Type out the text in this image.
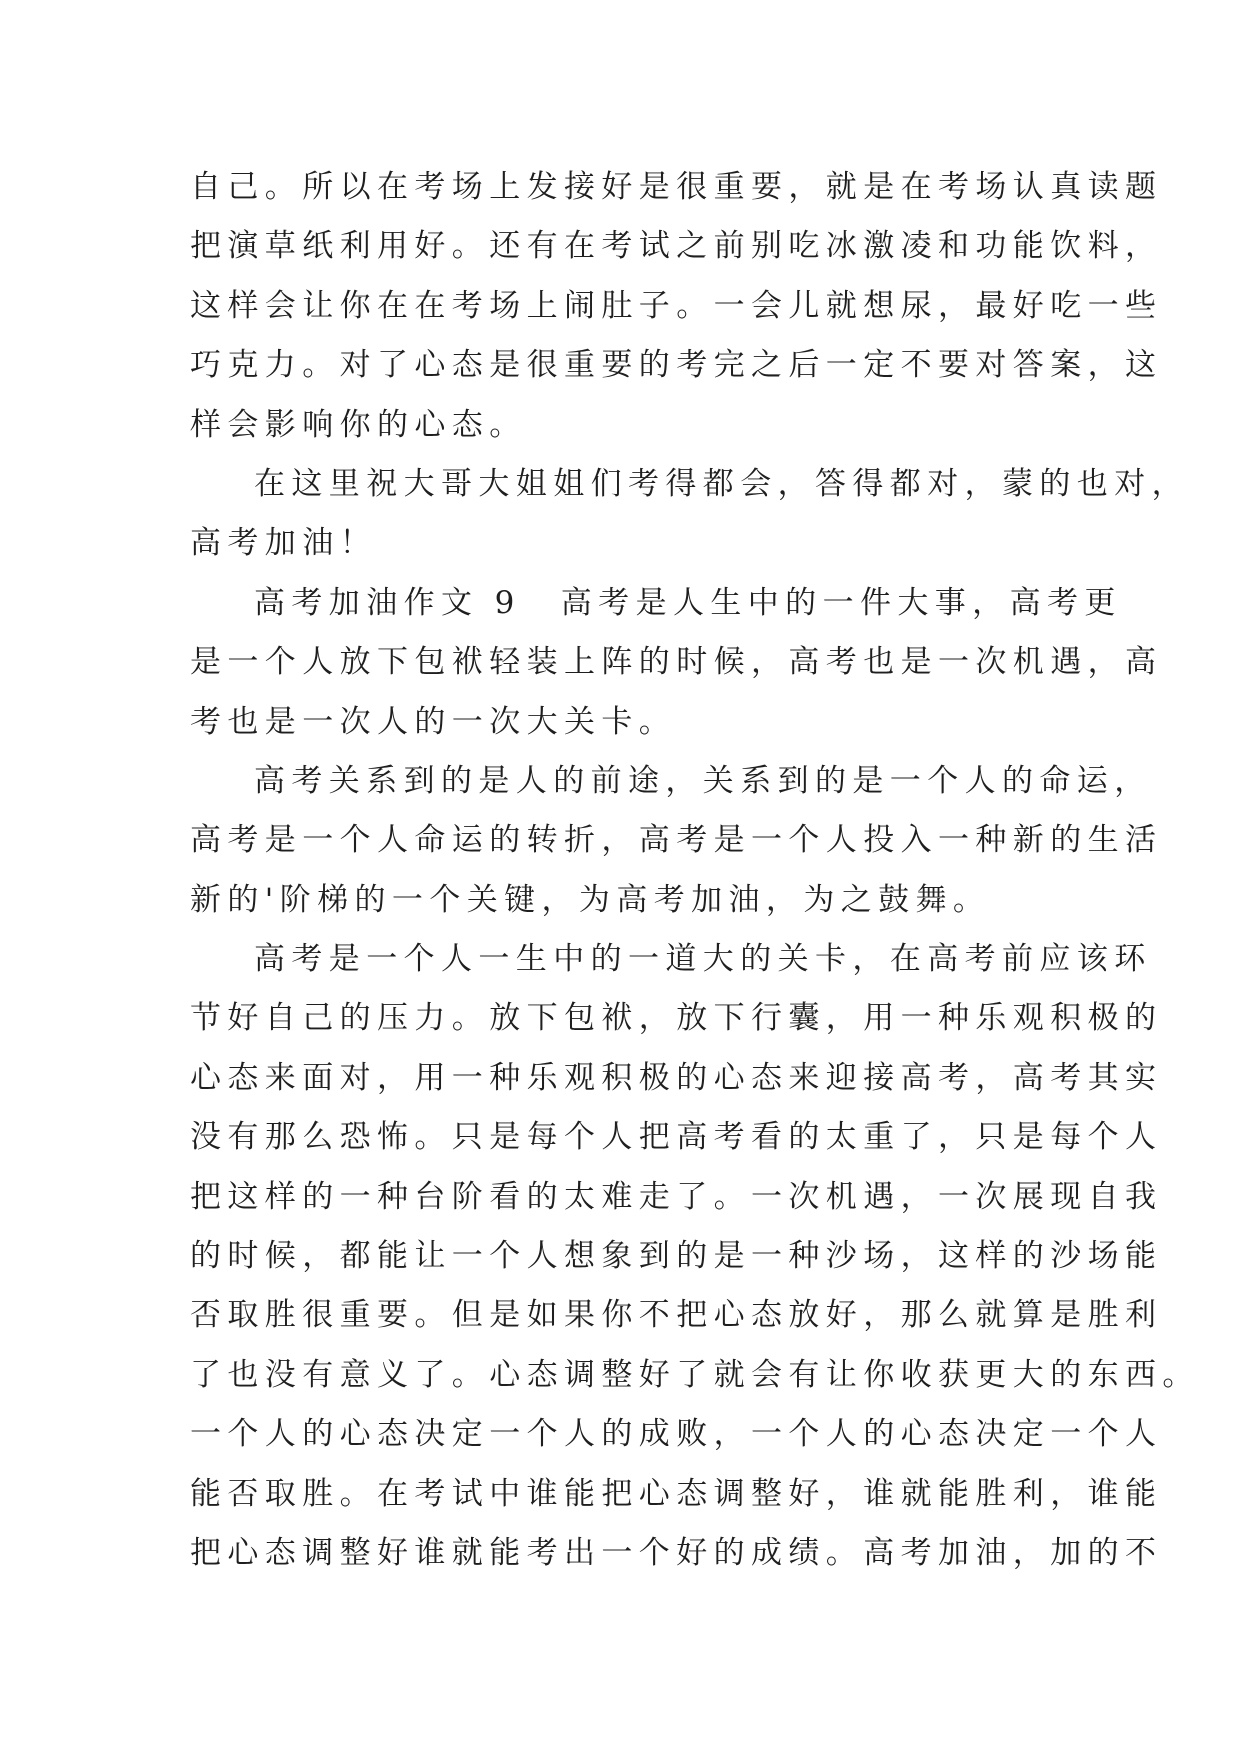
自己。所以在考场上发接好是很重要，就是在考场认真读题
把演草纸利用好。还有在考试之前别吃冰激凌和功能饮料，
这样会让你在在考场上闹肚子。一会儿就想尿，最好吃一些
巧克力。对了心态是很重要的考完之后一定不要对答案，这
样会影响你的心态。
在这里祝大哥大姐姐们考得都会，答得都对，蒙的也对，
高考加油！
高考加油作文 9 高考是人生中的一件大事，高考更
是一个人放下包袱轻装上阵的时候，高考也是一次机遇，高
考也是一次人的一次大关卡。
高考关系到的是人的前途，关系到的是一个人的命运，
高考是一个人命运的转折，高考是一个人投入一种新的生活
新的'阶梯的一个关键，为高考加油，为之鼓舞。
高考是一个人一生中的一道大的关卡，在高考前应该环
节好自己的压力。放下包袱，放下行囊，用一种乐观积极的
心态来面对，用一种乐观积极的心态来迎接高考，高考其实
没有那么恐怖。只是每个人把高考看的太重了，只是每个人
把这样的一种台阶看的太难走了。一次机遇，一次展现自我
的时候，都能让一个人想象到的是一种沙场，这样的沙场能
否取胜很重要。但是如果你不把心态放好，那么就算是胜利
了也没有意义了。心态调整好了就会有让你收获更大的东西。
一个人的心态决定一个人的成败，一个人的心态决定一个人
能否取胜。在考试中谁能把心态调整好，谁就能胜利，谁能
把心态调整好谁就能考出一个好的成绩。高考加油，加的不
